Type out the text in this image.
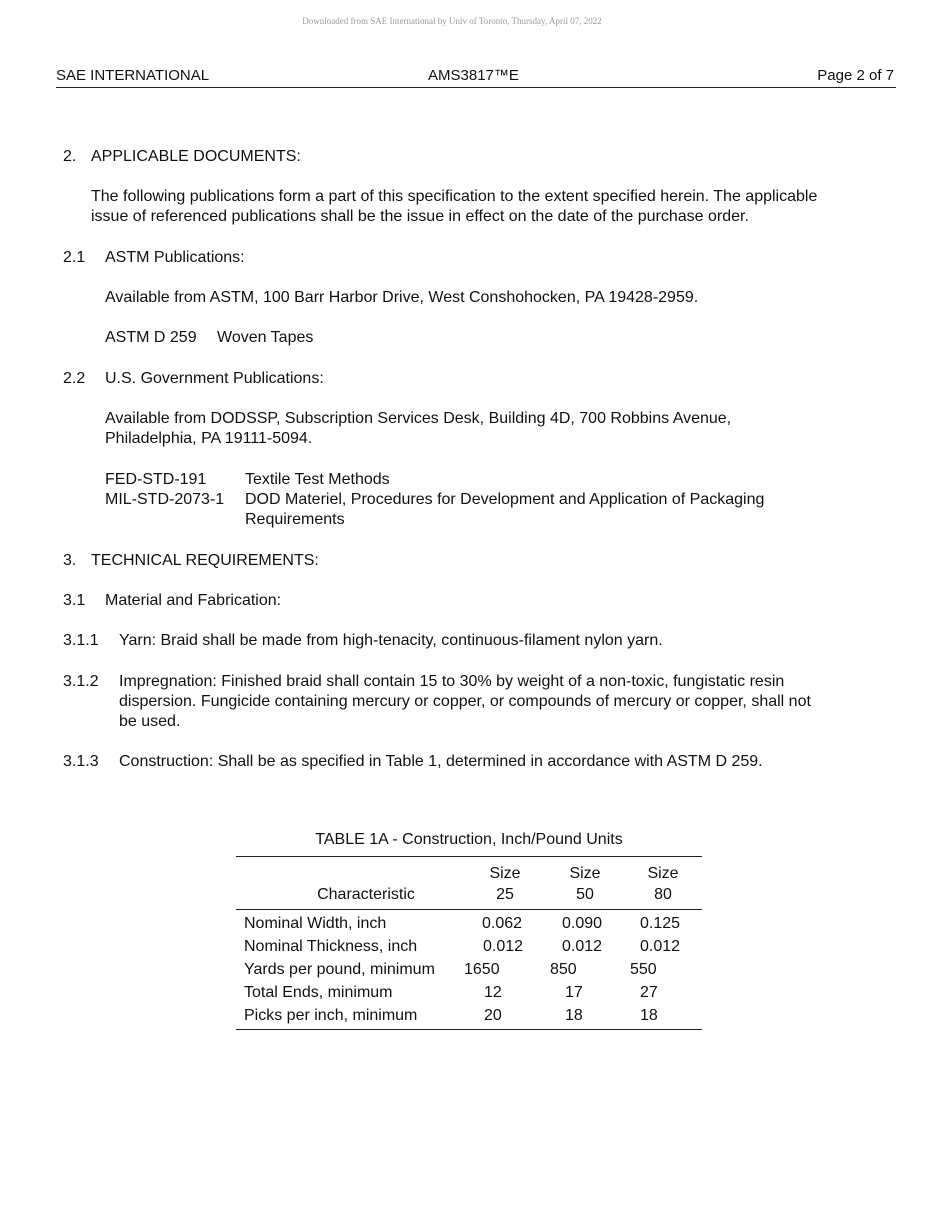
Downloaded from SAE International by Univ of Toronto, Thursday, April 07, 2022
SAE INTERNATIONAL	AMS3817™E	Page 2 of 7
2. APPLICABLE DOCUMENTS:
The following publications form a part of this specification to the extent specified herein. The applicable
issue of referenced publications shall be the issue in effect on the date of the purchase order.
2.1 ASTM Publications:
Available from ASTM, 100 Barr Harbor Drive, West Conshohocken, PA 19428-2959.
ASTM D 259 Woven Tapes
2.2 U.S. Government Publications:
Available from DODSSP, Subscription Services Desk, Building 4D, 700 Robbins Avenue,
Philadelphia, PA 19111-5094.
FED-STD-191 Textile Test Methods
MIL-STD-2073-1 DOD Materiel, Procedures for Development and Application of Packaging
Requirements
3. TECHNICAL REQUIREMENTS:
3.1 Material and Fabrication:
3.1.1 Yarn: Braid shall be made from high-tenacity, continuous-filament nylon yarn.
3.1.2 Impregnation: Finished braid shall contain 15 to 30% by weight of a non-toxic, fungistatic resin
dispersion. Fungicide containing mercury or copper, or compounds of mercury or copper, shall not
be used.
3.1.3 Construction: Shall be as specified in Table 1, determined in accordance with ASTM D 259.
TABLE 1A - Construction, Inch/Pound Units
	Size	Size	Size
Characteristic	25	50	80
Nominal Width, inch	0.062	0.090	0.125
Nominal Thickness, inch	0.012	0.012	0.012
Yards per pound, minimum	1650	850	550
Total Ends, minimum	12	17	27
Picks per inch, minimum	20	18	18
